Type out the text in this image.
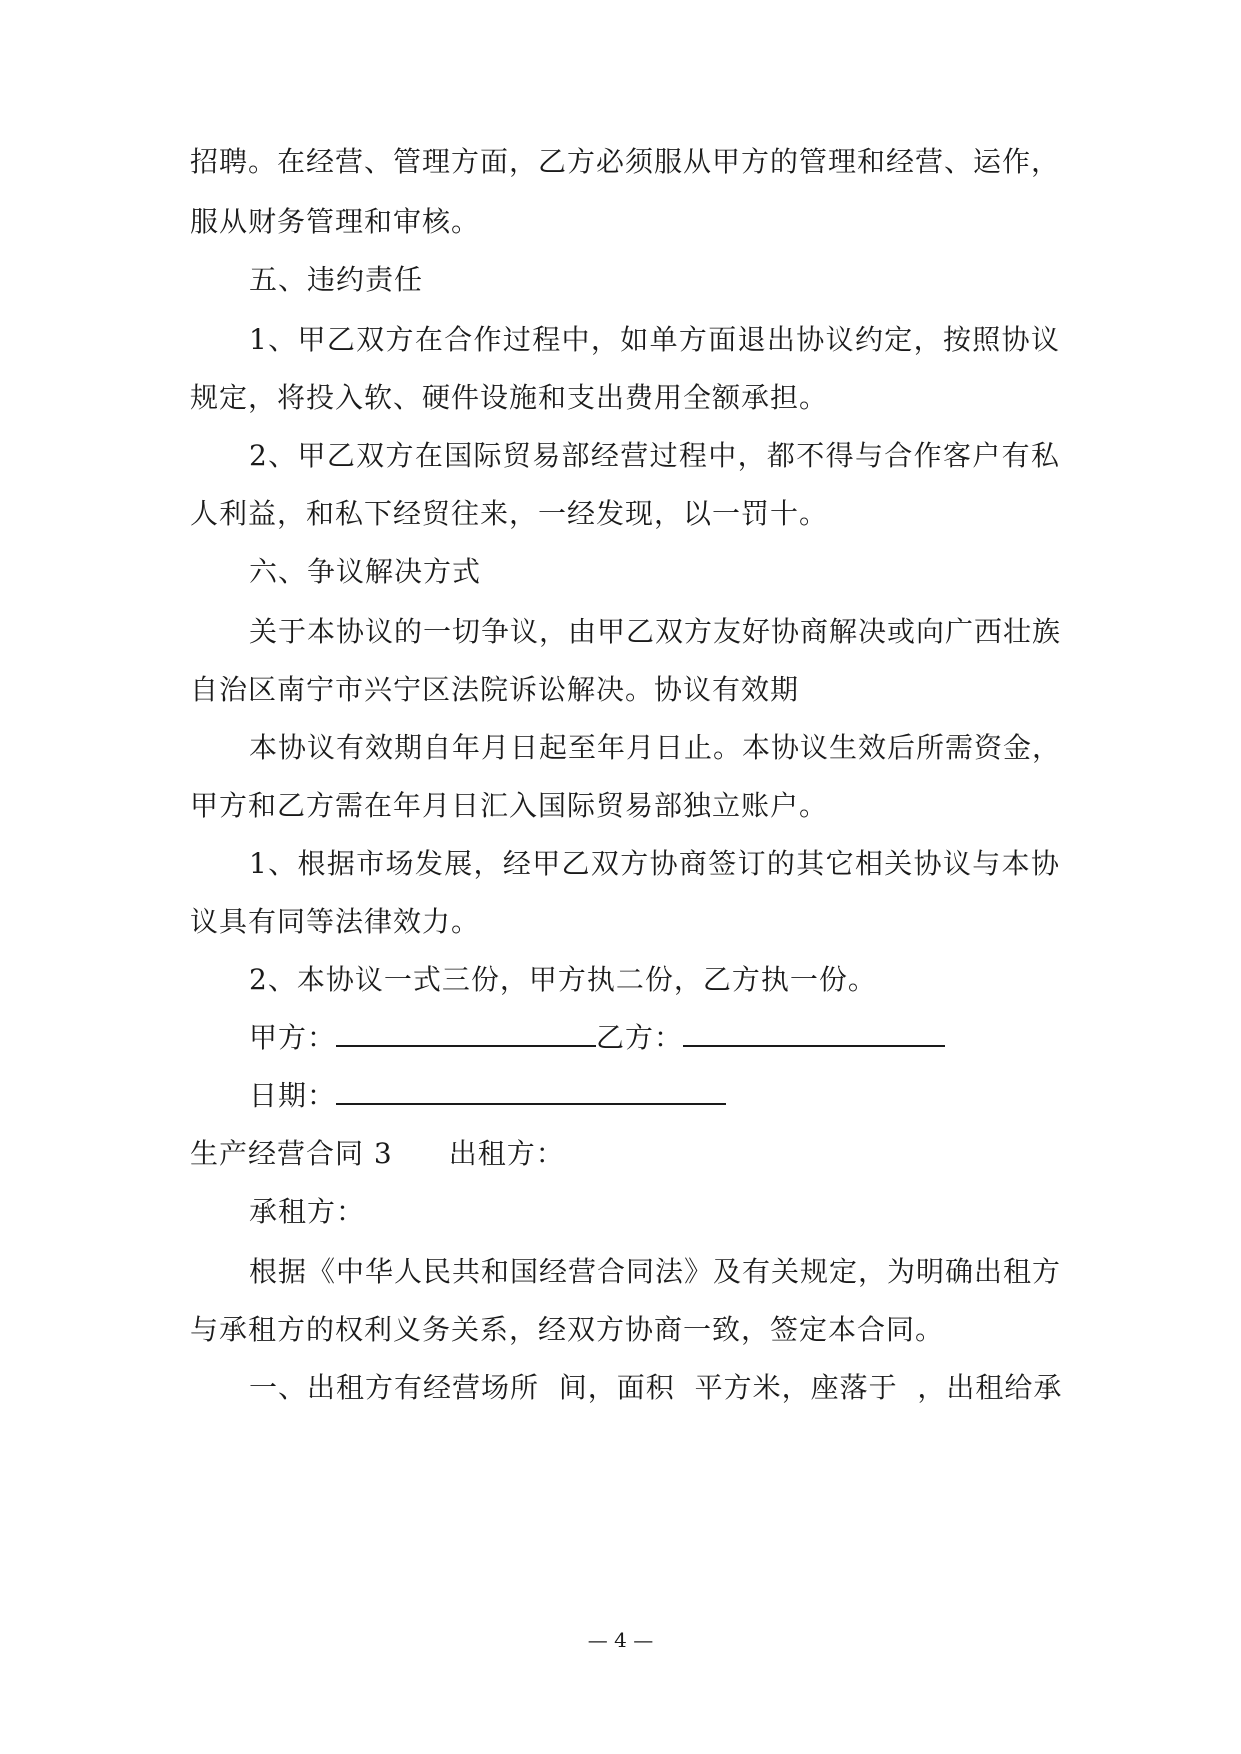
招聘。在经营、管理方面，乙方必须服从甲方的管理和经营、运作，
服从财务管理和审核。
五、违约责任
1、甲乙双方在合作过程中，如单方面退出协议约定，按照协议
规定，将投入软、硬件设施和支出费用全额承担。
2、甲乙双方在国际贸易部经营过程中，都不得与合作客户有私
人利益，和私下经贸往来，一经发现，以一罚十。
六、争议解决方式
关于本协议的一切争议，由甲乙双方友好协商解决或向广西壮族
自治区南宁市兴宁区法院诉讼解决。协议有效期
本协议有效期自年月日起至年月日止。本协议生效后所需资金，
甲方和乙方需在年月日汇入国际贸易部独立账户。
1、根据市场发展，经甲乙双方协商签订的其它相关协议与本协
议具有同等法律效力。
2、本协议一式三份，甲方执二份，乙方执一份。
甲方：	乙方：
日期：
生产经营合同 3 出租方：
承租方：
根据《中华人民共和国经营合同法》及有关规定，为明确出租方
与承租方的权利义务关系，经双方协商一致，签定本合同。
一、出租方有经营场所  间，面积  平方米，座落于  ，出租给承
— 4 —
